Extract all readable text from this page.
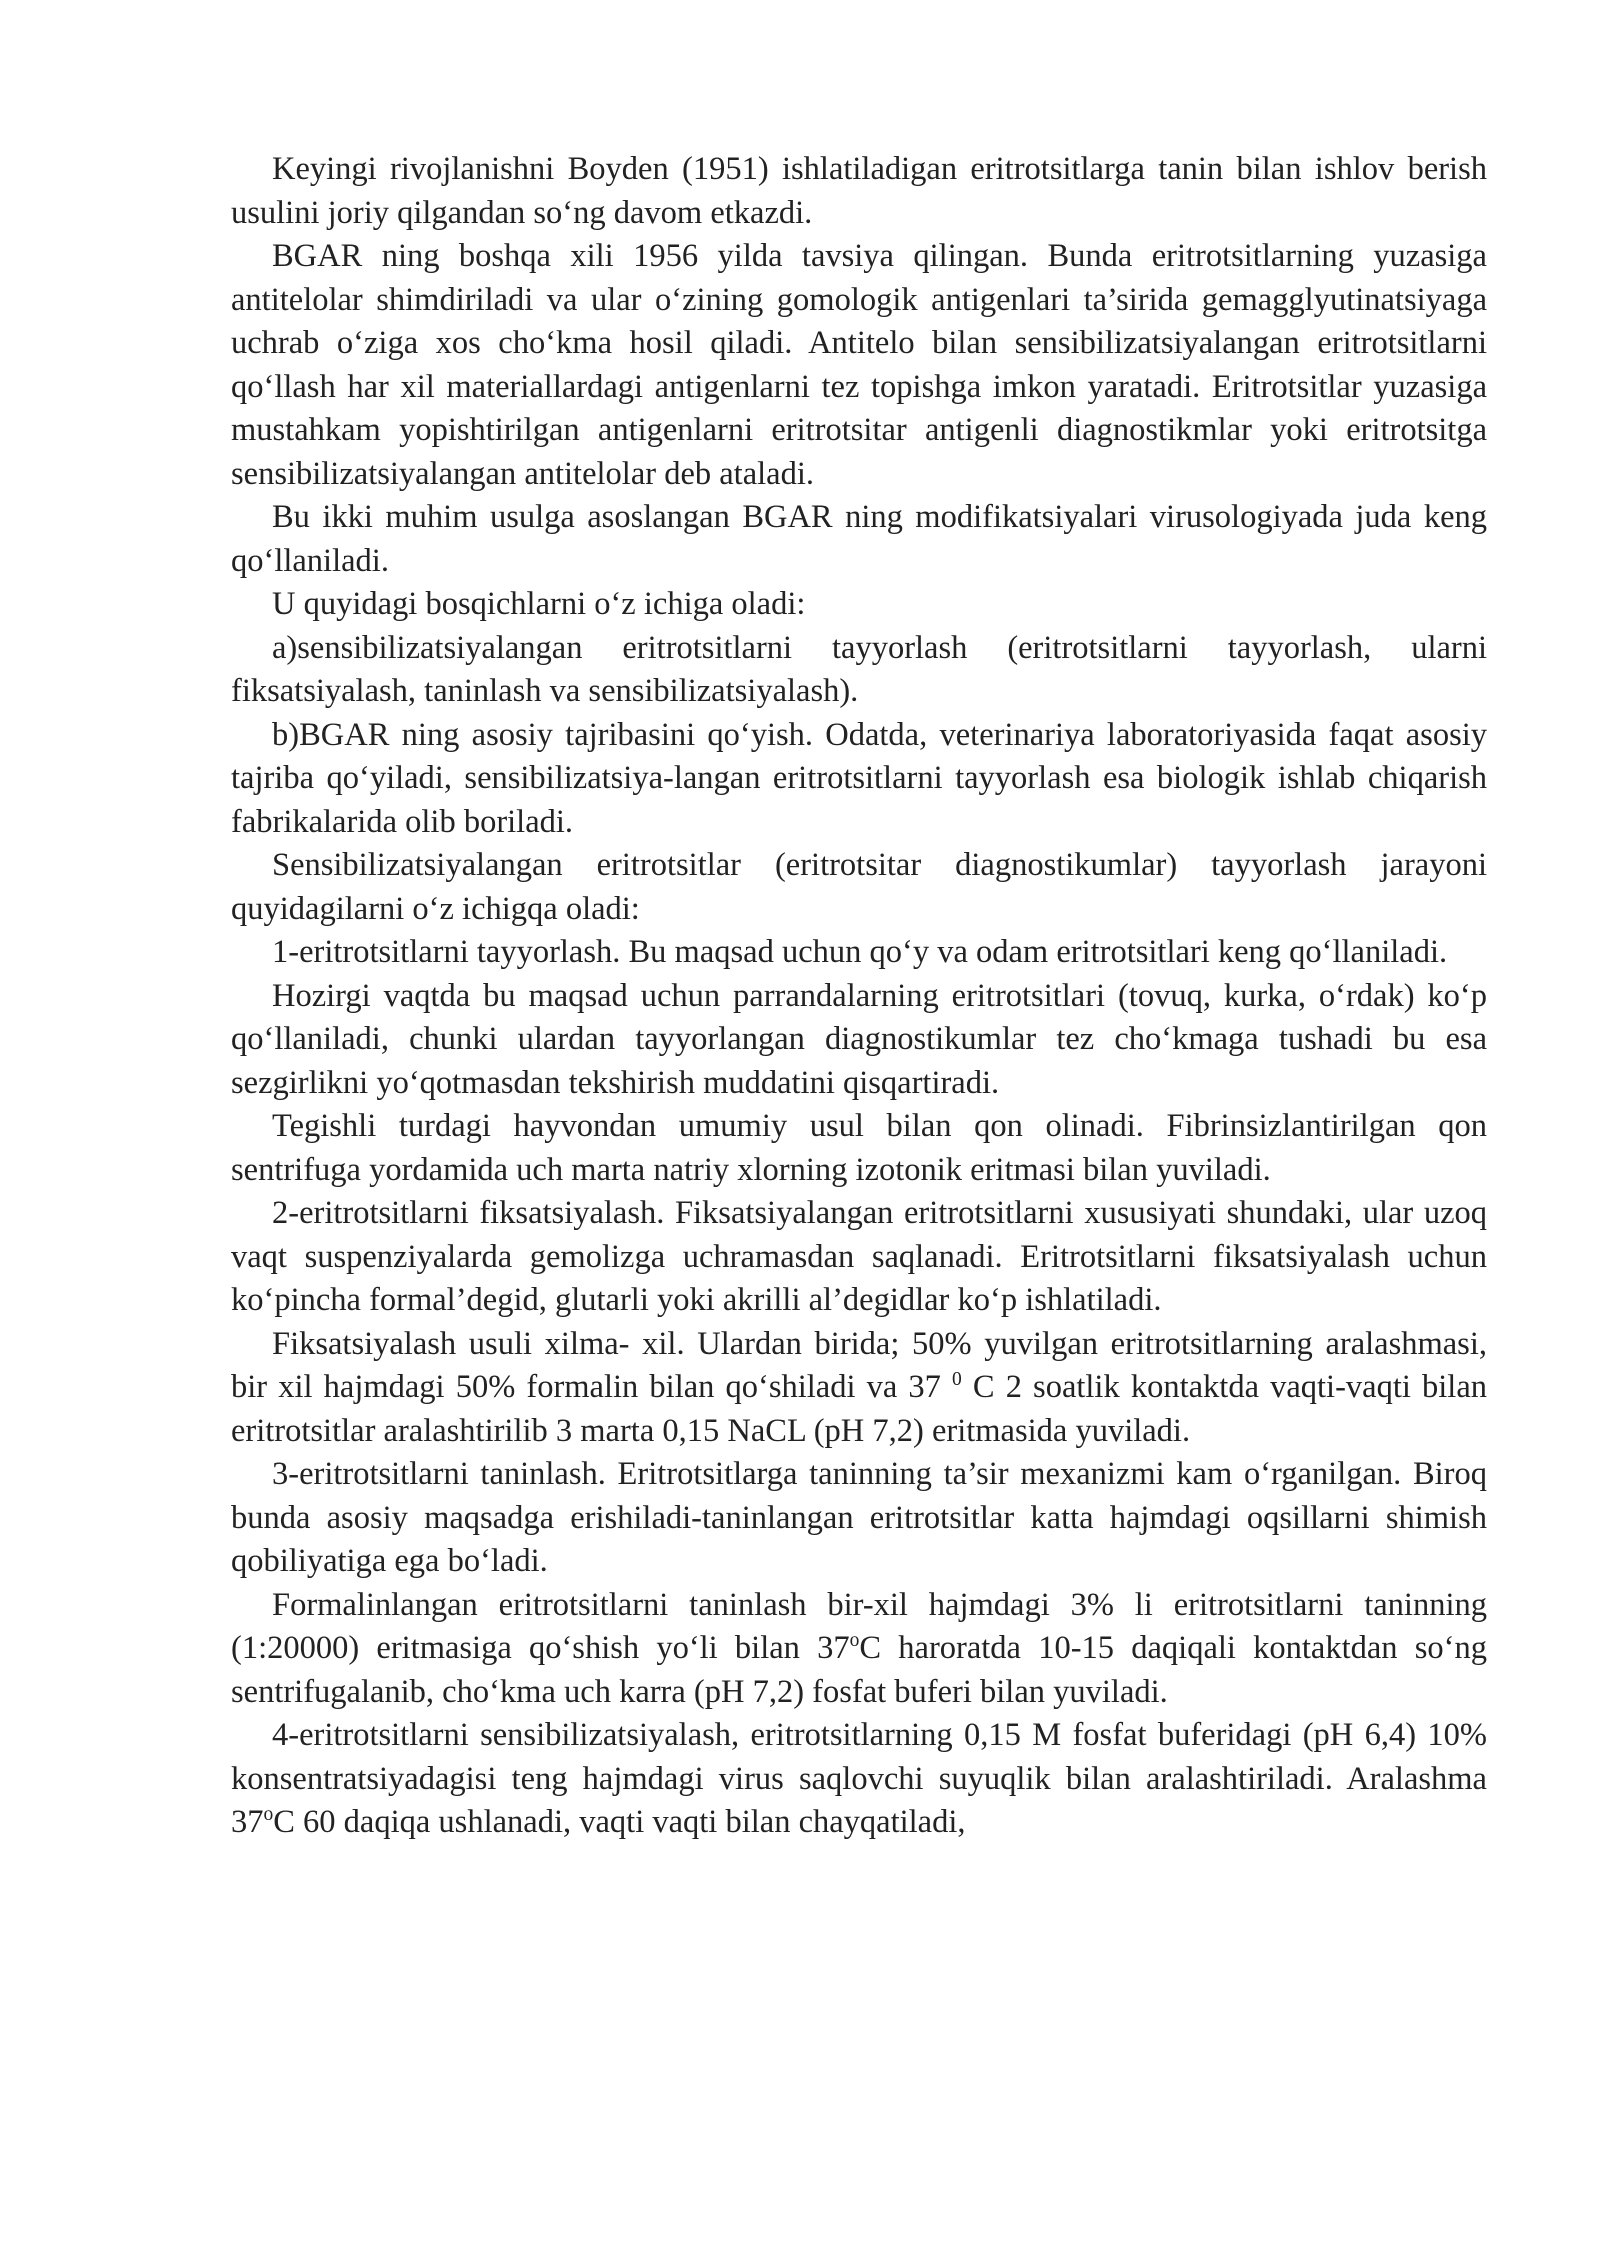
Keyingi rivojlanishni Boyden (1951) ishlatiladigan eritrotsitlarga tanin bilan ishlov berish usulini joriy qilgandan so‘ng davom etkazdi.

BGAR ning boshqa xili 1956 yilda tavsiya qilingan. Bunda eritrotsitlarning yuzasiga antitelolar shimdiriladi va ular o‘zining gomologik antigenlari ta’sirida gemagglyutinatsiyaga uchrab o‘ziga xos cho‘kma hosil qiladi. Antitelo bilan sensibilizatsiyalangan eritrotsitlarni qo‘llash har xil materiallardagi antigenlarni tez topishga imkon yaratadi. Eritrotsitlar yuzasiga mustahkam yopishtirilgan antigenlarni eritrotsitar antigenli diagnostikmlar yoki eritrotsitga sensibilizatsiyalangan antitelolar deb ataladi.

Bu ikki muhim usulga asoslangan BGAR ning modifikatsiyalari virusologiyada juda keng qo‘llaniladi.

U quyidagi bosqichlarni o‘z ichiga oladi:

a)sensibilizatsiyalangan eritrotsitlarni tayyorlash (eritrotsitlarni tayyorlash, ularni fiksatsiyalash, taninlash va sensibilizatsiyalash).

b)BGAR ning asosiy tajribasini qo‘yish. Odatda, veterinariya laboratoriyasida faqat asosiy tajriba qo‘yiladi, sensibilizatsiya-langan eritrotsitlarni tayyorlash esa biologik ishlab chiqarish fabrikalarida olib boriladi.

Sensibilizatsiyalangan eritrotsitlar (eritrotsitar diagnostikumlar) tayyorlash jarayoni quyidagilarni o‘z ichigqa oladi:

1-eritrotsitlarni tayyorlash. Bu maqsad uchun qo‘y va odam eritrotsitlari keng qo‘llaniladi.

Hozirgi vaqtda bu maqsad uchun parrandalarning eritrotsitlari (tovuq, kurka, o‘rdak) ko‘p qo‘llaniladi, chunki ulardan tayyorlangan diagnostikumlar tez cho‘kmaga tushadi bu esa sezgirlikni yo‘qotmasdan tekshirish muddatini qisqartiradi.

Tegishli turdagi hayvondan umumiy usul bilan qon olinadi. Fibrinsizlantirilgan qon sentrifuga yordamida uch marta natriy xlorning izotonik eritmasi bilan yuviladi.

2-eritrotsitlarni fiksatsiyalash. Fiksatsiyalangan eritrotsitlarni xususiyati shundaki, ular uzoq vaqt suspenziyalarda gemolizga uchramasdan saqlanadi. Eritrotsitlarni fiksatsiyalash uchun ko‘pincha formal’degid, glutarli yoki akrilli al’degidlar ko‘p ishlatiladi.

Fiksatsiyalash usuli xilma- xil. Ulardan birida; 50% yuvilgan eritrotsitlarning aralashmasi, bir xil hajmdagi 50% formalin bilan qo‘shiladi va 37 $^0$ C 2 soatlik kontaktda vaqti-vaqti bilan eritrotsitlar aralashtirilib 3 marta 0,15 NaCL (pH 7,2) eritmasida yuviladi.

3-eritrotsitlarni taninlash. Eritrotsitlarga taninning ta’sir mexanizmi kam o‘rganilgan. Biroq bunda asosiy maqsadga erishiladi-taninlangan eritrotsitlar katta hajmdagi oqsillarni shimish qobiliyatiga ega bo‘ladi.

Formalinlangan eritrotsitlarni taninlash bir-xil hajmdagi 3% li eritrotsitlarni taninning (1:20000) eritmasiga qo‘shish yo‘li bilan 37$^o$C haroratda 10-15 daqiqali kontaktdan so‘ng sentrifugalanib, cho‘kma uch karra (pH 7,2) fosfat buferi bilan yuviladi.

4-eritrotsitlarni sensibilizatsiyalash, eritrotsitlarning 0,15 M fosfat buferidagi (pH 6,4) 10% konsentratsiyadagisi teng hajmdagi virus saqlovchi suyuqlik bilan aralashtiriladi. Aralashma 37$^o$C 60 daqiqa ushlanadi, vaqti vaqti bilan chayqatiladi,
